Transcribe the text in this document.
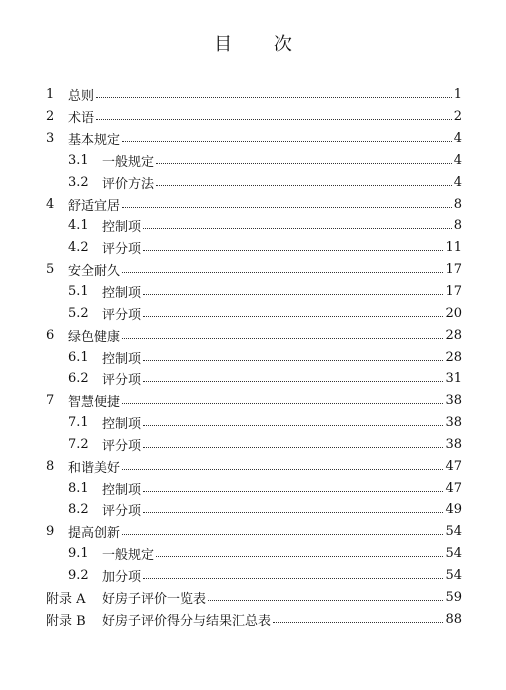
目 次
1	总则	1
2	术语	2
3	基本规定	4
3.1	一般规定	4
3.2	评价方法	4
4	舒适宜居	8
4.1	控制项	8
4.2	评分项	11
5	安全耐久	17
5.1	控制项	17
5.2	评分项	20
6	绿色健康	28
6.1	控制项	28
6.2	评分项	31
7	智慧便捷	38
7.1	控制项	38
7.2	评分项	38
8	和谐美好	47
8.1	控制项	47
8.2	评分项	49
9	提高创新	54
9.1	一般规定	54
9.2	加分项	54
附录 A	好房子评价一览表	59
附录 B	好房子评价得分与结果汇总表	88
